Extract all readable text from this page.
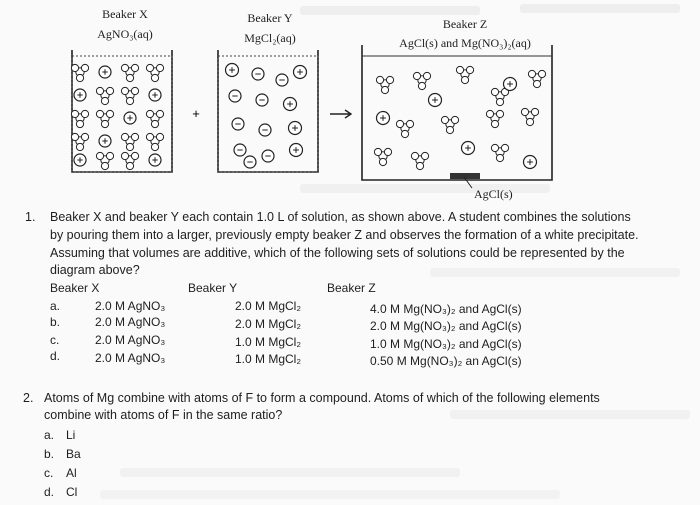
Beaker X
AgNO₃(aq)
Beaker Y
MgCl₂(aq)
Beaker Z
AgCl(s) and Mg(NO₃)₂(aq)
+
AgCl(s)
1. Beaker X and beaker Y each contain 1.0 L of solution, as shown above. A student combines the solutions
by pouring them into a larger, previously empty beaker Z and observes the formation of a white precipitate.
Assuming that volumes are additive, which of the following sets of solutions could be represented by the
diagram above?
Beaker X	Beaker Y	Beaker Z
a.	2.0 M AgNO₃	2.0 M MgCl₂	4.0 M Mg(NO₃)₂ and AgCl(s)
b.	2.0 M AgNO₃	2.0 M MgCl₂	2.0 M Mg(NO₃)₂ and AgCl(s)
c.	2.0 M AgNO₃	1.0 M MgCl₂	1.0 M Mg(NO₃)₂ and AgCl(s)
d.	2.0 M AgNO₃	1.0 M MgCl₂	0.50 M Mg(NO₃)₂ an AgCl(s)
2. Atoms of Mg combine with atoms of F to form a compound. Atoms of which of the following elements
combine with atoms of F in the same ratio?
a. Li
b. Ba
c. Al
d. Cl
